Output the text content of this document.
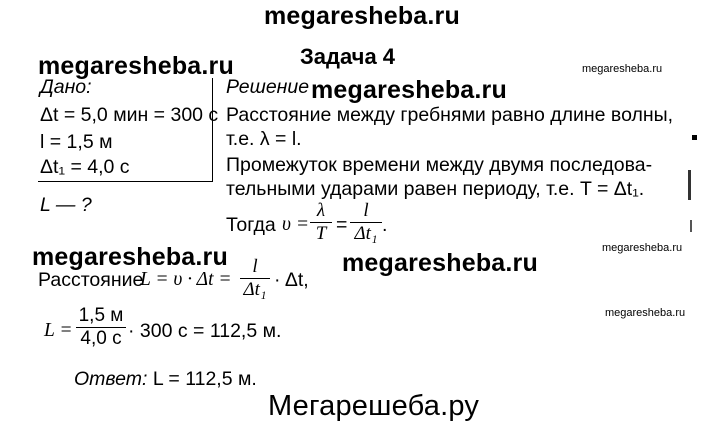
megaresheba.ru
megaresheba.ru	megaresheba.ru
megaresheba.ru	megaresheba.ru
megaresheba.ru
megaresheba.ru
Мегарешеба.ру
Задача 4
Дано:
Δt = 5,0 мин = 300 с
l = 1,5 м
Δt₁ = 4,0 с
L — ?
Решение megaresheba.ru
Расстояние между гребнями равно длине волны,
т.е. λ = l.
Промежуток времени между двумя последова-
тельными ударами равен периоду, т.е. T = Δt₁.
Тогда υ =
λ
T =
l
Δt₁ .
Расстояние
L = υ · Δt =
l
Δt₁ · Δt,
L =
1,5 м
4,0 с · 300 с = 112,5 м.
Ответ: L = 112,5 м.
